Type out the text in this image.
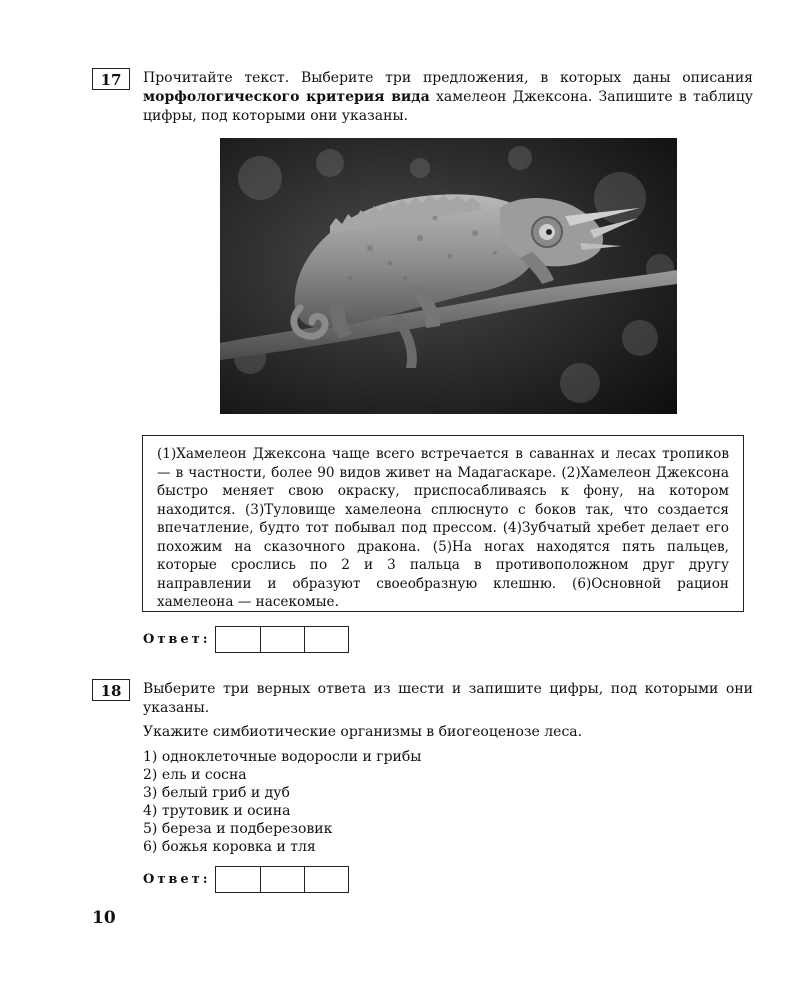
17	Прочитайте текст. Выберите три предложения, в которых даны описания морфологического критерия вида хамелеон Джексона. Запишите в таблицу цифры, под которыми они указаны.
(1)Хамелеон Джексона чаще всего встречается в саваннах и лесах тропиков — в частности, более 90 видов живет на Мадагаскаре. (2)Хамелеон Джексона быстро меняет свою окраску, приспосабливаясь к фону, на котором находится. (3)Туловище хамелеона сплюснуто с боков так, что создается впечатление, будто тот побывал под прессом. (4)Зубчатый хребет делает его похожим на сказочного дракона. (5)На ногах находятся пять пальцев, которые срослись по 2 и 3 пальца в противоположном друг другу направлении и образуют своеобразную клешню. (6)Основной рацион хамелеона — насекомые.
Ответ:
18	Выберите три верных ответа из шести и запишите цифры, под которыми они указаны.
Укажите симбиотические организмы в биогеоценозе леса.
1) одноклеточные водоросли и грибы
2) ель и сосна
3) белый гриб и дуб
4) трутовик и осина
5) береза и подберезовик
6) божья коровка и тля
Ответ:
10
